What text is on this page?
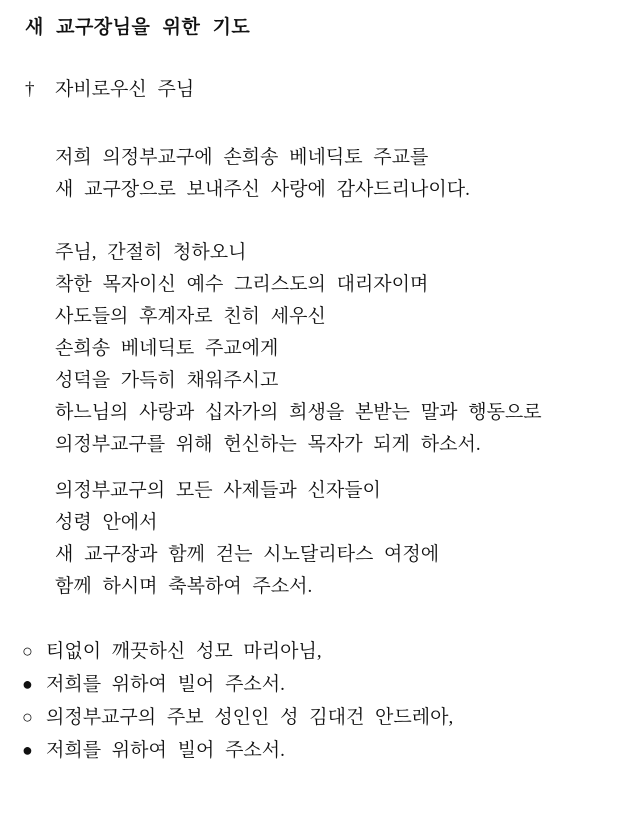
새 교구장님을 위한 기도
† 자비로우신 주님

저희 의정부교구에 손희송 베네딕토 주교를

새 교구장으로 보내주신 사랑에 감사드리나이다.

주님, 간절히 청하오니

착한 목자이신 예수 그리스도의 대리자이며

사도들의 후계자로 친히 세우신

손희송 베네딕토 주교에게

성덕을 가득히 채워주시고

하느님의 사랑과 십자가의 희생을 본받는 말과 행동으로

의정부교구를 위해 헌신하는 목자가 되게 하소서.

의정부교구의 모든 사제들과 신자들이

성령 안에서

새 교구장과 함께 걷는 시노달리타스 여정에

함께 하시며 축복하여 주소서.

○ 티없이 깨끗하신 성모 마리아님,
● 저희를 위하여 빌어 주소서.
○ 의정부교구의 주보 성인인 성 김대건 안드레아,
● 저희를 위하여 빌어 주소서.
